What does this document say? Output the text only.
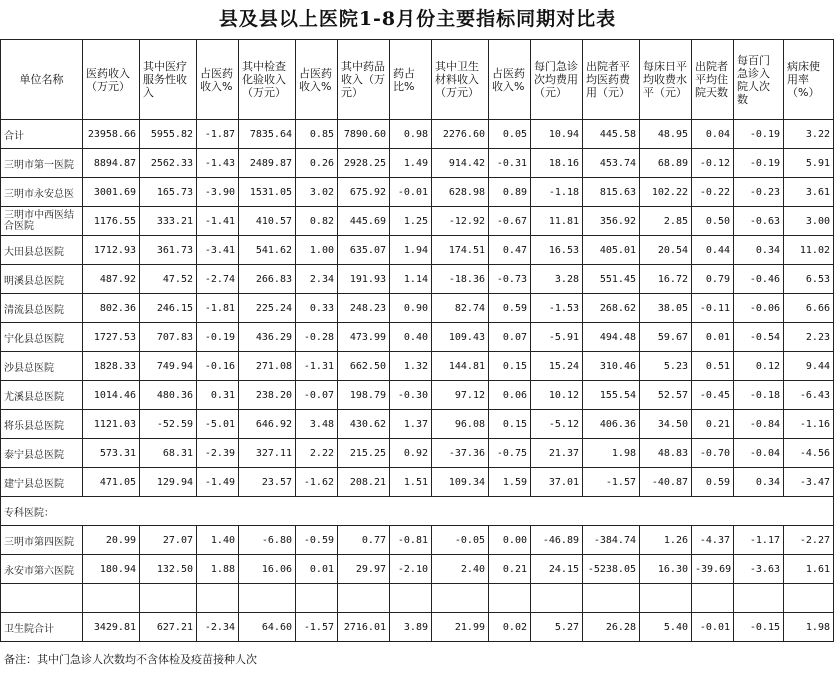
县及县以上医院1-8月份主要指标同期对比表
单位名称	医药收入（万元）	其中医疗服务性收入	占医药收入%	其中检查化验收入（万元）	占医药收入%	其中药品收入（万元）	药占比%	其中卫生材料收入（万元）	占医药收入%	每门急诊次均费用（元）	出院者平均医药费用（元）	每床日平均收费水平（元）	出院者平均住院天数	每百门急诊入院人次数	病床使用率（%）
合计	23958.66	5955.82	-1.87	7835.64	0.85	7890.60	0.98	2276.60	0.05	10.94	445.58	48.95	0.04	-0.19	3.22
三明市第一医院	8894.87	2562.33	-1.43	2489.87	0.26	2928.25	1.49	914.42	-0.31	18.16	453.74	68.89	-0.12	-0.19	5.91
三明市永安总医	3001.69	165.73	-3.90	1531.05	3.02	675.92	-0.01	628.98	0.89	-1.18	815.63	102.22	-0.22	-0.23	3.61
三明市中西医结合医院	1176.55	333.21	-1.41	410.57	0.82	445.69	1.25	-12.92	-0.67	11.81	356.92	2.85	0.50	-0.63	3.00
大田县总医院	1712.93	361.73	-3.41	541.62	1.00	635.07	1.94	174.51	0.47	16.53	405.01	20.54	0.44	0.34	11.02
明溪县总医院	487.92	47.52	-2.74	266.83	2.34	191.93	1.14	-18.36	-0.73	3.28	551.45	16.72	0.79	-0.46	6.53
清流县总医院	802.36	246.15	-1.81	225.24	0.33	248.23	0.90	82.74	0.59	-1.53	268.62	38.05	-0.11	-0.06	6.66
宁化县总医院	1727.53	707.83	-0.19	436.29	-0.28	473.99	0.40	109.43	0.07	-5.91	494.48	59.67	0.01	-0.54	2.23
沙县总医院	1828.33	749.94	-0.16	271.08	-1.31	662.50	1.32	144.81	0.15	15.24	310.46	5.23	0.51	0.12	9.44
尤溪县总医院	1014.46	480.36	0.31	238.20	-0.07	198.79	-0.30	97.12	0.06	10.12	155.54	52.57	-0.45	-0.18	-6.43
将乐县总医院	1121.03	-52.59	-5.01	646.92	3.48	430.62	1.37	96.08	0.15	-5.12	406.36	34.50	0.21	-0.84	-1.16
泰宁县总医院	573.31	68.31	-2.39	327.11	2.22	215.25	0.92	-37.36	-0.75	21.37	1.98	48.83	-0.70	-0.04	-4.56
建宁县总医院	471.05	129.94	-1.49	23.57	-1.62	208.21	1.51	109.34	1.59	37.01	-1.57	-40.87	0.59	0.34	-3.47
专科医院：															
三明市第四医院	20.99	27.07	1.40	-6.80	-0.59	0.77	-0.81	-0.05	0.00	-46.89	-384.74	1.26	-4.37	-1.17	-2.27
永安市第六医院	180.94	132.50	1.88	16.06	0.01	29.97	-2.10	2.40	0.21	24.15	-5238.05	16.30	-39.69	-3.63	1.61

卫生院合计	3429.81	627.21	-2.34	64.60	-1.57	2716.01	3.89	21.99	0.02	5.27	26.28	5.40	-0.01	-0.15	1.98
备注：其中门急诊人次数均不含体检及疫苗接种人次
